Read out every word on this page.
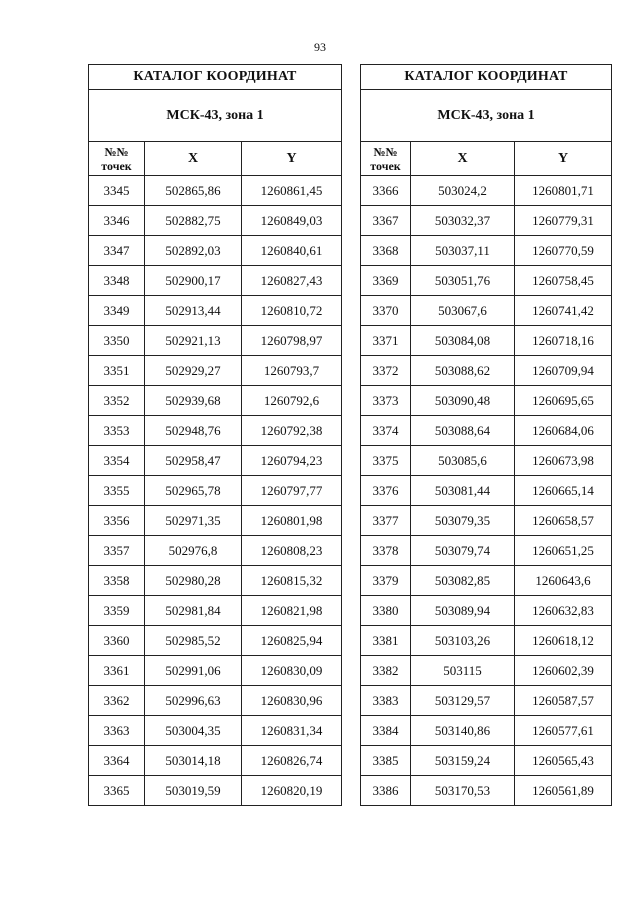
93
КАТАЛОГ КООРДИНАТ		
МСК-43, зона 1		
№№
точек	X	Y
3345	502865,86	1260861,45
3346	502882,75	1260849,03
3347	502892,03	1260840,61
3348	502900,17	1260827,43
3349	502913,44	1260810,72
3350	502921,13	1260798,97
3351	502929,27	1260793,7
3352	502939,68	1260792,6
3353	502948,76	1260792,38
3354	502958,47	1260794,23
3355	502965,78	1260797,77
3356	502971,35	1260801,98
3357	502976,8	1260808,23
3358	502980,28	1260815,32
3359	502981,84	1260821,98
3360	502985,52	1260825,94
3361	502991,06	1260830,09
3362	502996,63	1260830,96
3363	503004,35	1260831,34
3364	503014,18	1260826,74
3365	503019,59	1260820,19
КАТАЛОГ КООРДИНАТ		
МСК-43, зона 1		
№№
точек	X	Y
3366	503024,2	1260801,71
3367	503032,37	1260779,31
3368	503037,11	1260770,59
3369	503051,76	1260758,45
3370	503067,6	1260741,42
3371	503084,08	1260718,16
3372	503088,62	1260709,94
3373	503090,48	1260695,65
3374	503088,64	1260684,06
3375	503085,6	1260673,98
3376	503081,44	1260665,14
3377	503079,35	1260658,57
3378	503079,74	1260651,25
3379	503082,85	1260643,6
3380	503089,94	1260632,83
3381	503103,26	1260618,12
3382	503115	1260602,39
3383	503129,57	1260587,57
3384	503140,86	1260577,61
3385	503159,24	1260565,43
3386	503170,53	1260561,89
